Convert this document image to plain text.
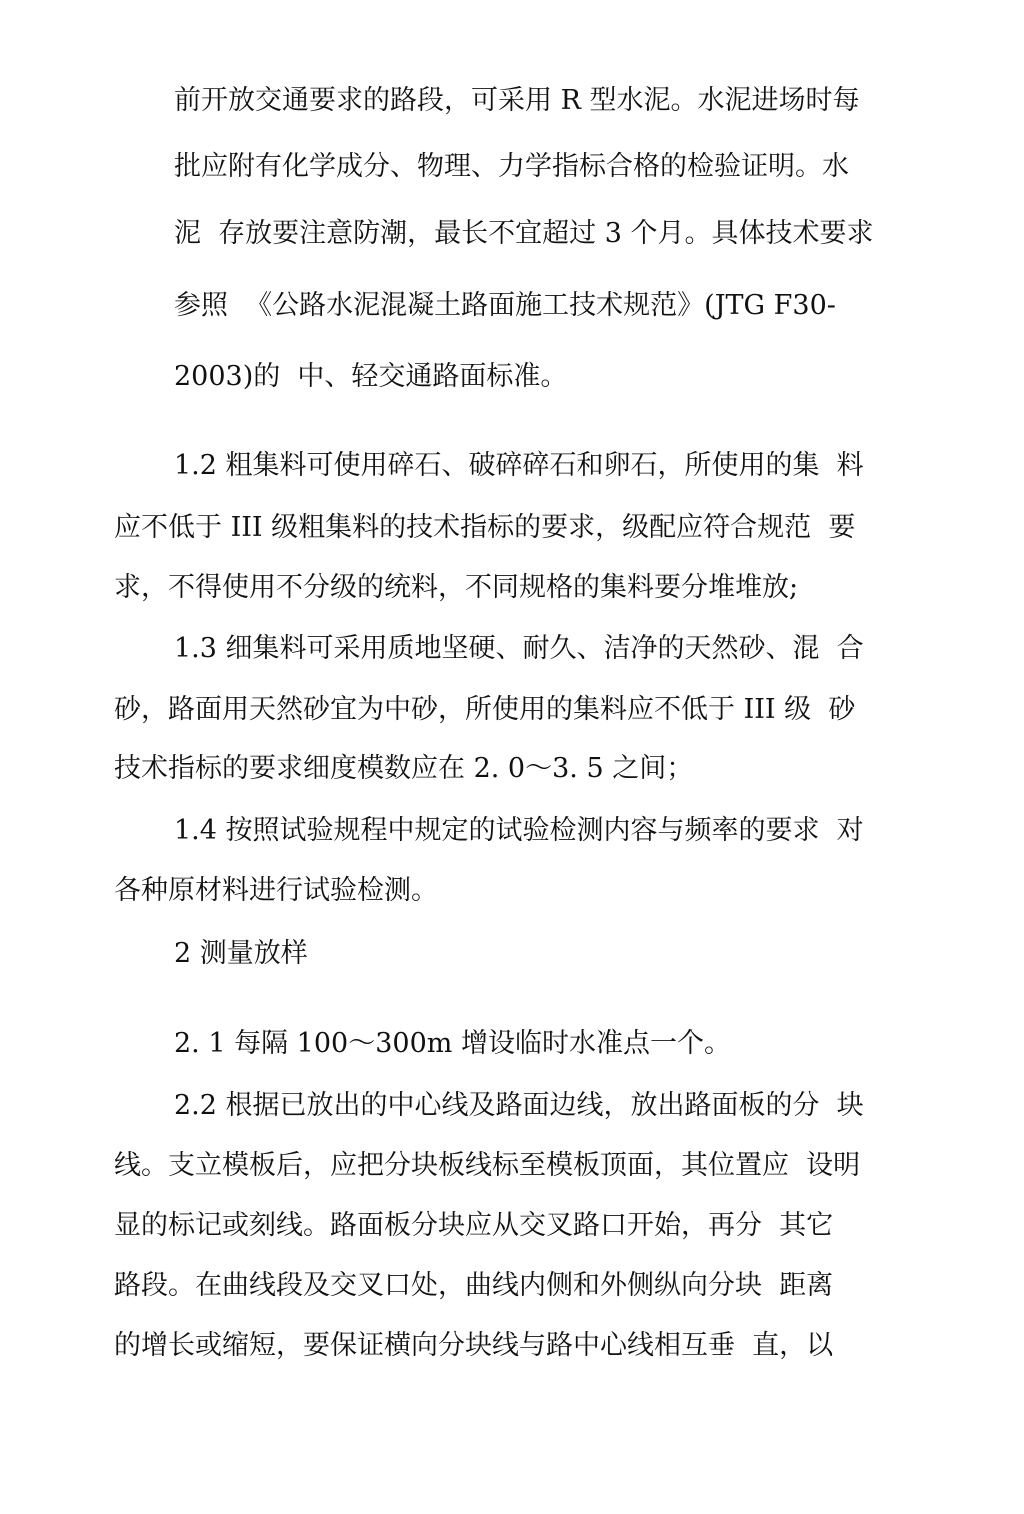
前开放交通要求的路段，可采用 R 型水泥。水泥进场时每
批应附有化学成分、物理、力学指标合格的检验证明。水
泥  存放要注意防潮，最长不宜超过 3 个月。具体技术要求
参照  《公路水泥混凝土路面施工技术规范》(JTG F30-
2003)的  中、轻交通路面标准。
1.2 粗集料可使用碎石、破碎碎石和卵石，所使用的集  料
应不低于 III 级粗集料的技术指标的要求，级配应符合规范  要
求，不得使用不分级的统料，不同规格的集料要分堆堆放;
1.3 细集料可采用质地坚硬、耐久、洁净的天然砂、混  合
砂，路面用天然砂宜为中砂，所使用的集料应不低于 III 级  砂
技术指标的要求细度模数应在 2. 0～3. 5 之间；
1.4 按照试验规程中规定的试验检测内容与频率的要求  对
各种原材料进行试验检测。
2 测量放样
2. 1 每隔 100～300m 增设临时水准点一个。
2.2 根据已放出的中心线及路面边线，放出路面板的分  块
线。支立模板后，应把分块板线标至模板顶面，其位置应  设明
显的标记或刻线。路面板分块应从交叉路口开始，再分  其它
路段。在曲线段及交叉口处，曲线内侧和外侧纵向分块  距离
的增长或缩短，要保证横向分块线与路中心线相互垂  直，以
